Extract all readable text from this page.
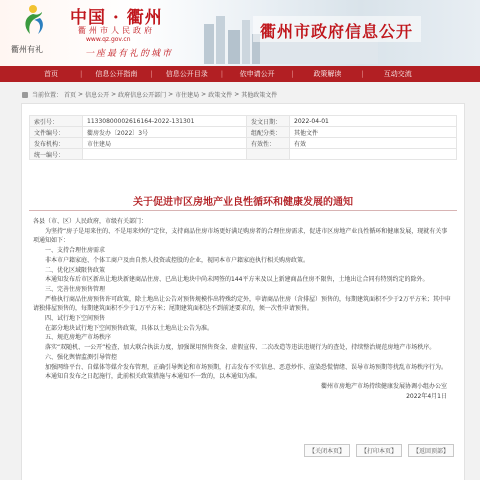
衢州有礼
中国 · 衢州
衢州市人民政府
www.qz.gov.cn
一座最有礼的城市
衢州市政府信息公开
首页	|	信息公开指南	|	信息公开目录	|	依申请公开	|	政策解读	|	互动交流
当前位置： 首页 > 信息公开 > 政府信息公开部门 > 市住建局 > 政策文件 > 其他政策文件
索引号：	11330800002616164-2022-131301	发文日期：	2022-04-01
文件编号：	衢房发办〔2022〕3号	组配分类：	其他文件
发布机构：	市住建局	有效性：	有效
统一编号：			
关于促进市区房地产业良性循环和健康发展的通知

各县（市、区）人民政府，市级有关部门：

为坚持“房子是用来住的、不是用来炒的”定位，支持商品住房市场更好满足购房者的合理住房需求，促进市区房地产业良性循环和健康发展，现就有关事项通知如下：

一、支持合理住房需求

非本市户籍家庭、个体工商户及由自然人投资或控股的企业，视同本市户籍家庭执行相关购房政策。

二、优化区域限售政策

本通知发布后市区新出让地块新建商品住房、已出让地块中尚未网签的144平方米及以上新建商品住房不限售，土地出让合同有特别约定的除外。

三、完善住房预售管理

严格执行商品住房预售许可政策，除土地出让公告对预售规模作出特殊约定外，申请商品住房（含排屋）预售的，每期建筑面积不少于2万平方米；其中申请独排屋预售的，每期建筑面积不少于1万平方米；尾期建筑面积达不到前述要求的，须一次性申请预售。

四、试行地下空间预售

在部分地块试行地下空间预售政策，具体以土地出让公告为准。

五、规范房地产市场秩序

落实“双随机、一公开”检查，加大联合执法力度，加强课用预售资金、虚假宣传、二次改造等违法违规行为的查处，持续整治规范房地产市场秩序。

六、强化舆情监测引导管控

加强网络平台、自媒体等媒介发布管理，正确引导舆论和市场预期，打击发布不实信息、恶意炒作、渲染恐慌情绪、误导市场预期等扰乱市场秩序行为。

本通知自发布之日起施行，此前相关政策措施与本通知不一致的，以本通知为准。

衢州市房地产市场持续健康发展协调小组办公室

2022年4月1日

【关闭本页】	【打印本页】	【返回顶部】
